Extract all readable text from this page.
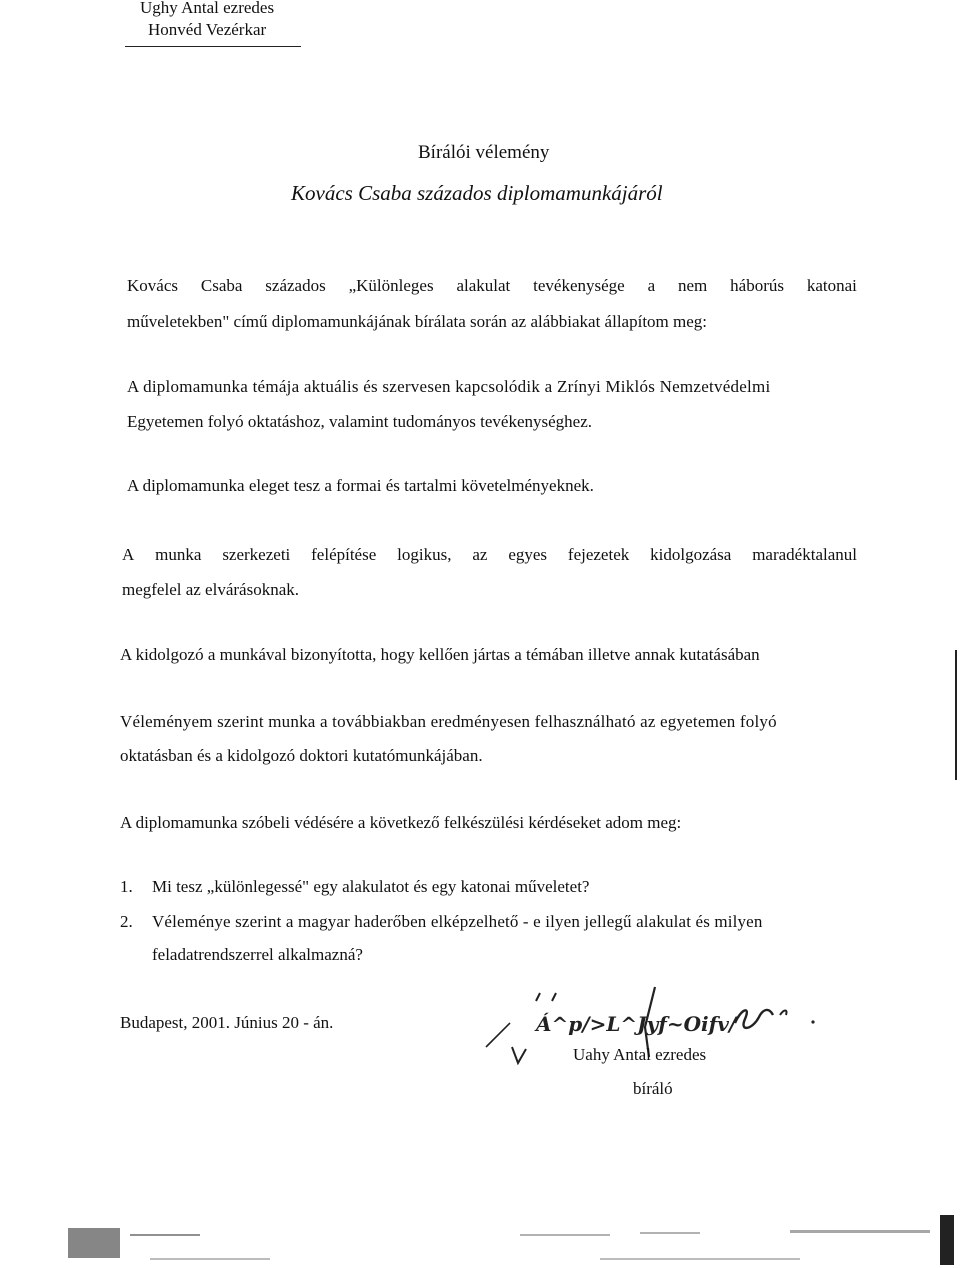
Ughy Antal ezredes
Honvéd Vezérkar
Bírálói vélemény
Kovács Csaba százados diplomamunkájáról
Kovács Csaba százados „Különleges alakulat tevékenysége a nem háborús katonai
műveletekben" című diplomamunkájának bírálata során az alábbiakat állapítom meg:
A diplomamunka témája aktuális és szervesen kapcsolódik a Zrínyi Miklós Nemzetvédelmi
Egyetemen folyó oktatáshoz, valamint tudományos tevékenységhez.
A diplomamunka eleget tesz a formai és tartalmi követelményeknek.
A munka szerkezeti felépítése logikus, az egyes fejezetek kidolgozása maradéktalanul
megfelel az elvárásoknak.
A kidolgozó a munkával bizonyította, hogy kellően jártas a témában illetve annak kutatásában
Véleményem szerint munka a továbbiakban eredményesen felhasználható az egyetemen folyó
oktatásban és a kidolgozó doktori kutatómunkájában.
A diplomamunka szóbeli védésére a következő felkészülési kérdéseket adom meg:
1. Mi tesz „különlegessé" egy alakulatot és egy katonai műveletet?
2. Véleménye szerint a magyar haderőben elképzelhető - e ilyen jellegű alakulat és milyen
feladatrendszerrel alkalmazná?
Budapest, 2001. Június 20 - án.	Á^p/>L^Jyf~Oifv/
Uahy Antal ezredes
bíráló
